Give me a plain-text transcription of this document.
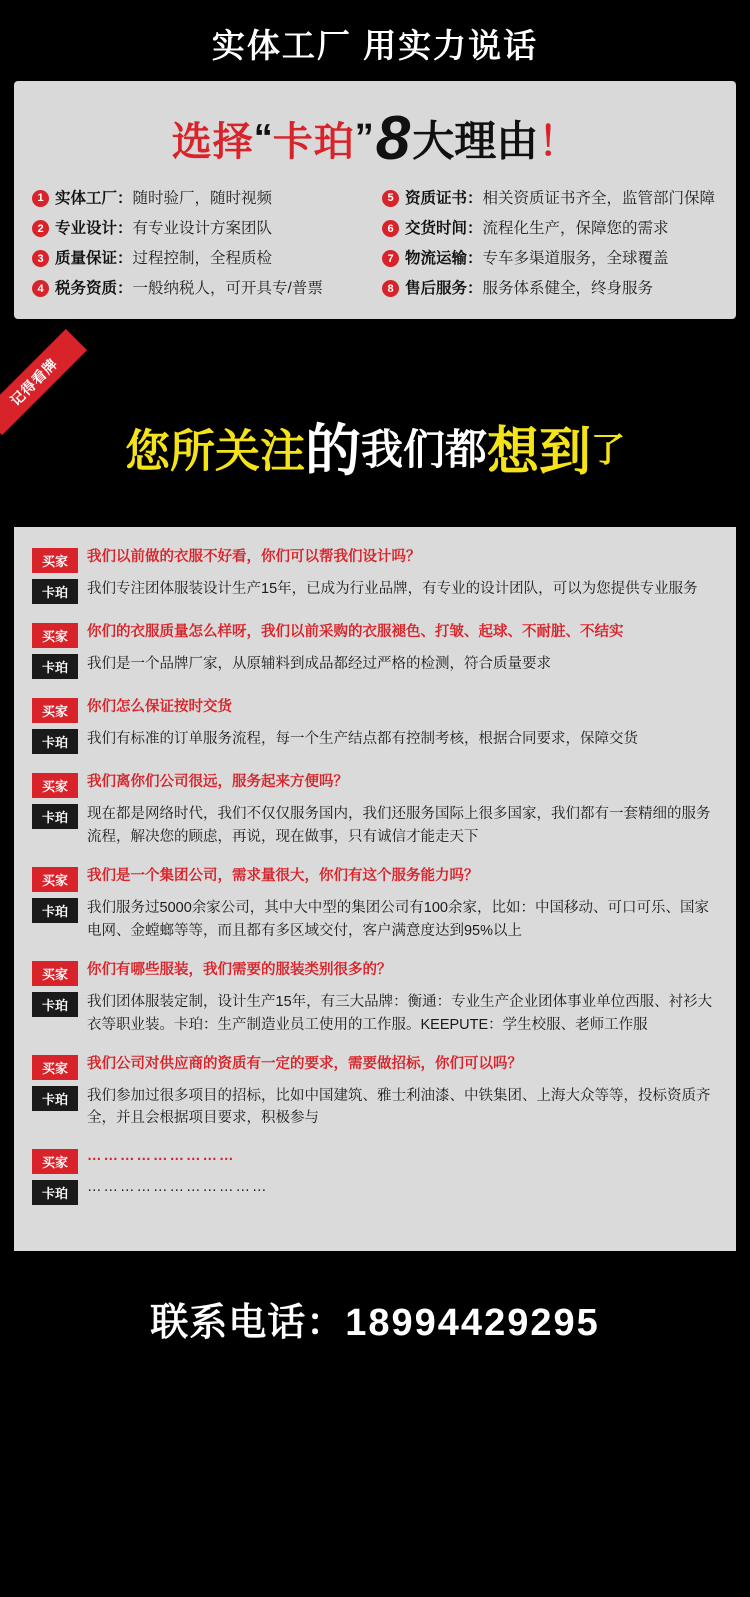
实体工厂 用实力说话
选择“卡珀”8大理由！
1 实体工厂： 随时验厂，随时视频	5 资质证书： 相关资质证书齐全，监管部门保障
2 专业设计： 有专业设计方案团队	6 交货时间： 流程化生产，保障您的需求
3 质量保证： 过程控制，全程质检	7 物流运输： 专车多渠道服务，全球覆盖
4 税务资质： 一般纳税人，可开具专/普票	8 售后服务： 服务体系健全，终身服务
记得看牌
您所关注的我们都想到了
买家	我们以前做的衣服不好看，你们可以帮我们设计吗？
卡珀	我们专注团体服装设计生产15年，已成为行业品牌，有专业的设计团队，可以为您提供专业服务
买家	你们的衣服质量怎么样呀，我们以前采购的衣服褪色、打皱、起球、不耐脏、不结实
卡珀	我们是一个品牌厂家，从原辅料到成品都经过严格的检测，符合质量要求
买家	你们怎么保证按时交货
卡珀	我们有标准的订单服务流程，每一个生产结点都有控制考核，根据合同要求，保障交货
买家	我们离你们公司很远，服务起来方便吗？
卡珀	现在都是网络时代，我们不仅仅服务国内，我们还服务国际上很多国家，我们都有一套精细的服务流程，解决您的顾虑，再说，现在做事，只有诚信才能走天下
买家	我们是一个集团公司，需求量很大，你们有这个服务能力吗？
卡珀	我们服务过5000余家公司，其中大中型的集团公司有100余家，比如：中国移动、可口可乐、国家电网、金螳螂等等，而且都有多区域交付，客户满意度达到95%以上
买家	你们有哪些服装，我们需要的服装类别很多的？
卡珀	我们团体服装定制，设计生产15年，有三大品牌：衡通：专业生产企业团体事业单位西服、衬衫大衣等职业装。卡珀：生产制造业员工使用的工作服。KEEPUTE：学生校服、老师工作服
买家	我们公司对供应商的资质有一定的要求，需要做招标，你们可以吗？
卡珀	我们参加过很多项目的招标，比如中国建筑、雅士利油漆、中铁集团、上海大众等等，投标资质齐全，并且会根据项目要求，积极参与
买家	………………………
卡珀	……………………………
联系电话：18994429295
